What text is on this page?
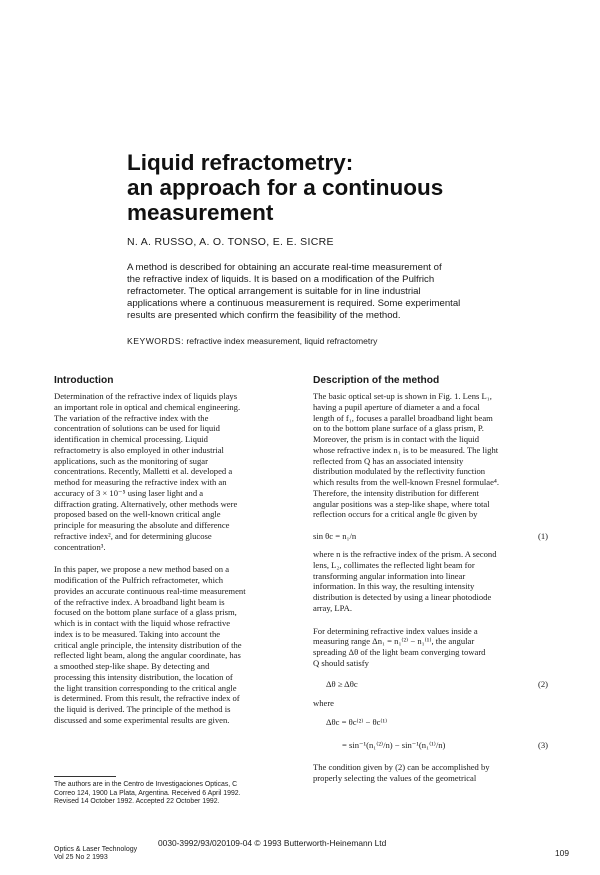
Liquid refractometry:
an approach for a continuous
measurement

N. A. RUSSO, A. O. TONSO, E. E. SICRE

A method is described for obtaining an accurate real-time measurement of
the refractive index of liquids. It is based on a modification of the Pulfrich
refractometer. The optical arrangement is suitable for in line industrial
applications where a continuous measurement is required. Some experimental
results are presented which confirm the feasibility of the method.

KEYWORDS: refractive index measurement, liquid refractometry

Introduction

Determination of the refractive index of liquids plays
an important role in optical and chemical engineering.
The variation of the refractive index with the
concentration of solutions can be used for liquid
identification in chemical processing. Liquid
refractometry is also employed in other industrial
applications, such as the monitoring of sugar
concentrations. Recently, Malletti et al. developed a
method for measuring the refractive index with an
accuracy of 3 × 10⁻⁵ using laser light and a
diffraction grating. Alternatively, other methods were
proposed based on the well-known critical angle
principle for measuring the absolute and difference
refractive index², and for determining glucose
concentration³.

In this paper, we propose a new method based on a
modification of the Pulfrich refractometer, which
provides an accurate continuous real-time measurement
of the refractive index. A broadband light beam is
focused on the bottom plane surface of a glass prism,
which is in contact with the liquid whose refractive
index is to be measured. Taking into account the
critical angle principle, the intensity distribution of the
reflected light beam, along the angular coordinate, has
a smoothed step-like shape. By detecting and
processing this intensity distribution, the location of
the light transition corresponding to the critical angle
is determined. From this result, the refractive index of
the liquid is derived. The principle of the method is
discussed and some experimental results are given.

Description of the method

The basic optical set-up is shown in Fig. 1. Lens L₁,
having a pupil aperture of diameter a and a focal
length of f₁, focuses a parallel broadband light beam
on to the bottom plane surface of a glass prism, P.
Moreover, the prism is in contact with the liquid
whose refractive index n₁ is to be measured. The light
reflected from Q has an associated intensity
distribution modulated by the reflectivity function
which results from the well-known Fresnel formulae⁴.
Therefore, the intensity distribution for different
angular positions was a step-like shape, where total
reflection occurs for a critical angle θc given by

sin θc = n₁/n	(1)

where n is the refractive index of the prism. A second
lens, L₂, collimates the reflected light beam for
transforming angular information into linear
information. In this way, the resulting intensity
distribution is detected by using a linear photodiode
array, LPA.

For determining refractive index values inside a
measuring range Δn₁ = n₁⁽²⁾ − n₁⁽¹⁾, the angular
spreading Δθ of the light beam converging toward
Q should satisfy

Δθ ≥ Δθc	(2)
where
Δθc = θc⁽²⁾ − θc⁽¹⁾
= sin⁻¹(n₁⁽²⁾/n) − sin⁻¹(n₁⁽¹⁾/n)	(3)

The condition given by (2) can be accomplished by
properly selecting the values of the geometrical

The authors are in the Centro de Investigaciones Opticas, C
Correo 124, 1900 La Plata, Argentina. Received 6 April 1992.
Revised 14 October 1992. Accepted 22 October 1992.

0030-3992/93/020109-04 © 1993 Butterworth-Heinemann Ltd

Optics & Laser Technology
Vol 25 No 2 1993	109
